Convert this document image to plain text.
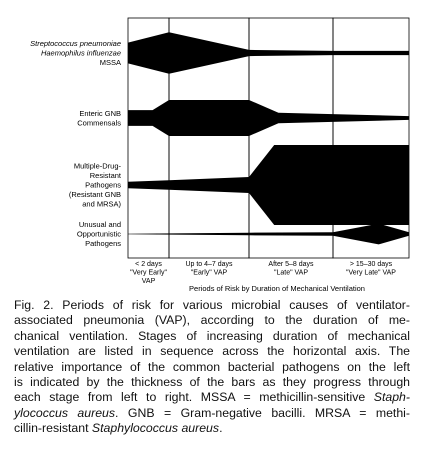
Streptococcus pneumoniae
Haemophilus influenzae
MSSA
Enteric GNB
Commensals
Multiple-Drug-
Resistant
Pathogens
(Resistant GNB
and MRSA)
Unusual and
Opportunistic
Pathogens
< 2 days
"Very Early"
VAP
Up to 4–7 days
"Early" VAP
After 5–8 days
"Late" VAP
> 15–30 days
"Very Late" VAP
Periods of Risk by Duration of Mechanical Ventilation
Fig. 2. Periods of risk for various microbial causes of ventilator-
associated pneumonia (VAP), according to the duration of me-
chanical ventilation. Stages of increasing duration of mechanical
ventilation are listed in sequence across the horizontal axis. The
relative importance of the common bacterial pathogens on the left
is indicated by the thickness of the bars as they progress through
each stage from left to right. MSSA = methicillin-sensitive Staph-
ylococcus aureus. GNB = Gram-negative bacilli. MRSA = methi-
cillin-resistant Staphylococcus aureus.
